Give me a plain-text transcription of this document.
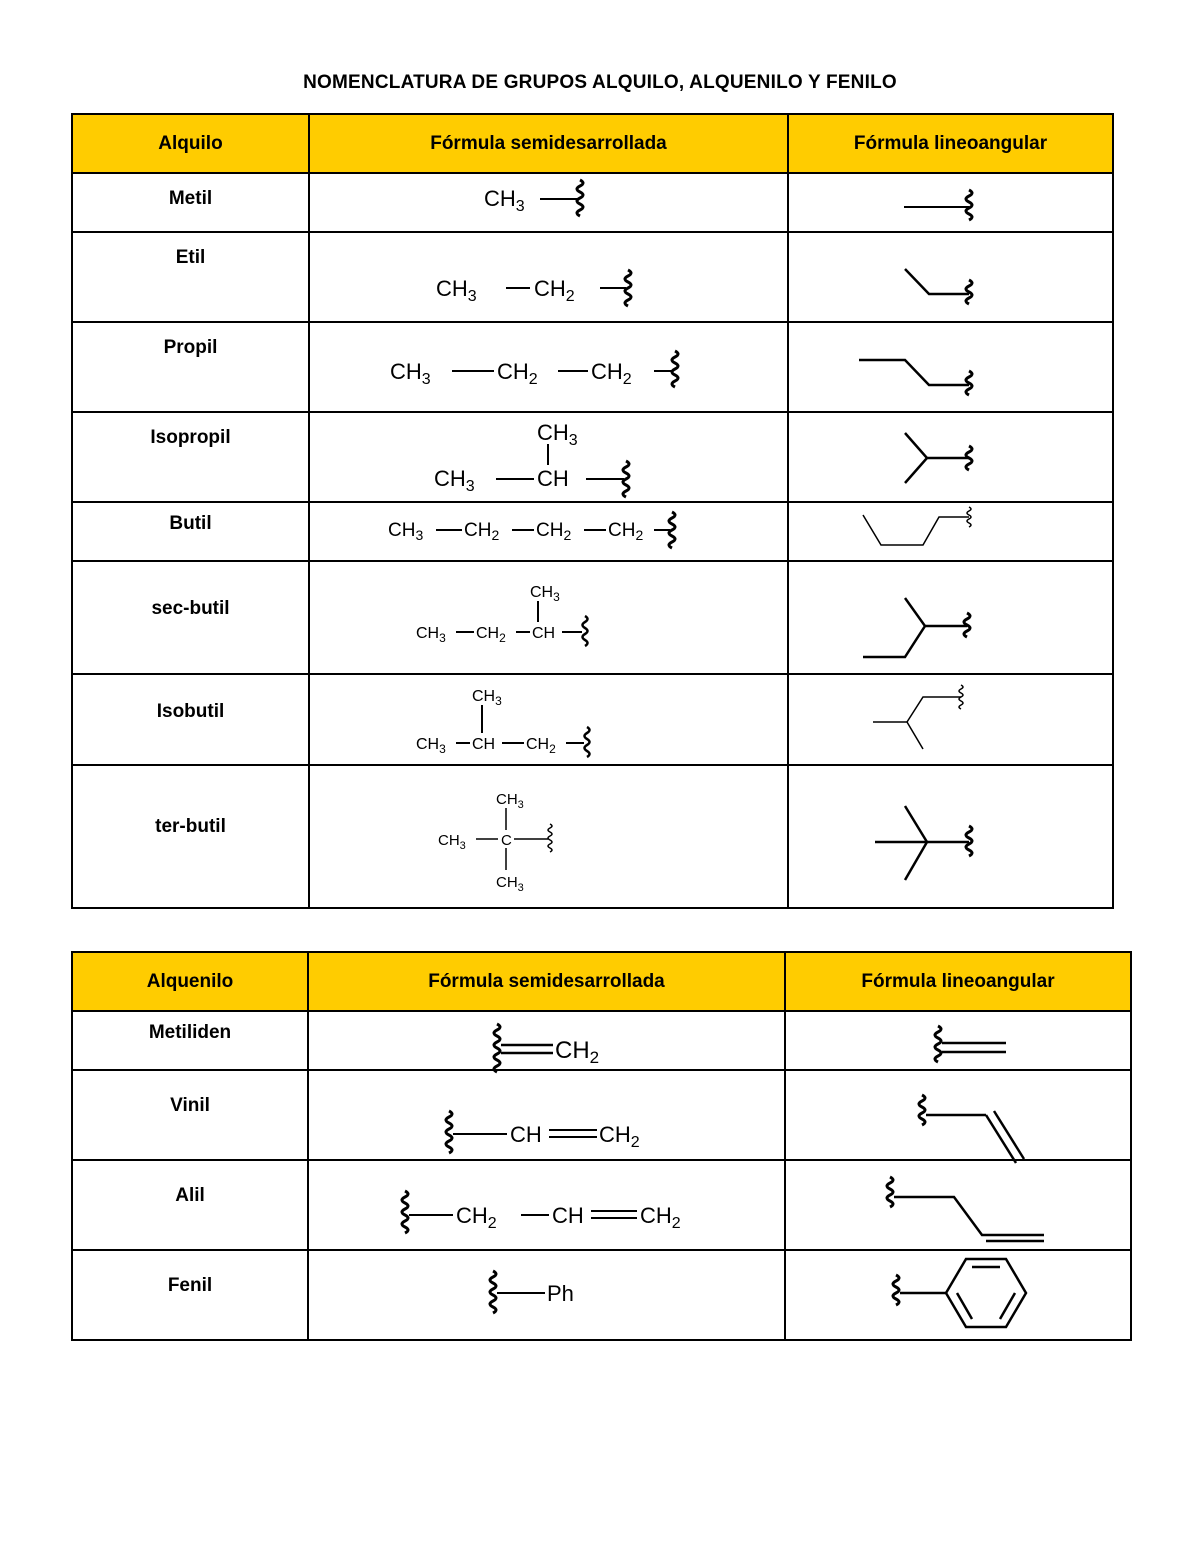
NOMENCLATURA DE GRUPOS ALQUILO, ALQUENILO Y FENILO
Alquilo	Fórmula semidesarrollada	Fórmula lineoangular
Metil	$CH_3$

Etil	$CH_3$ $CH_2$

Propil	$CH_3$ $CH_2$ $CH_2$

Isopropil	$CH_3$
$CH_3$ CH

Butil	$CH_3$ $CH_2$ $CH_2$ $CH_2$

sec-butil	$CH_3$
$CH_3$ $CH_2$ CH

Isobutil	$CH_3$
$CH_3$ CH $CH_2$

ter-butil	$CH_3$
$CH_3$ C
$CH_3$

Alquenilo	Fórmula semidesarrollada	Fórmula lineoangular
Metiliden	$CH_2$

Vinil	CH $CH_2$

Alil	$CH_2$ CH $CH_2$

Fenil	Ph
